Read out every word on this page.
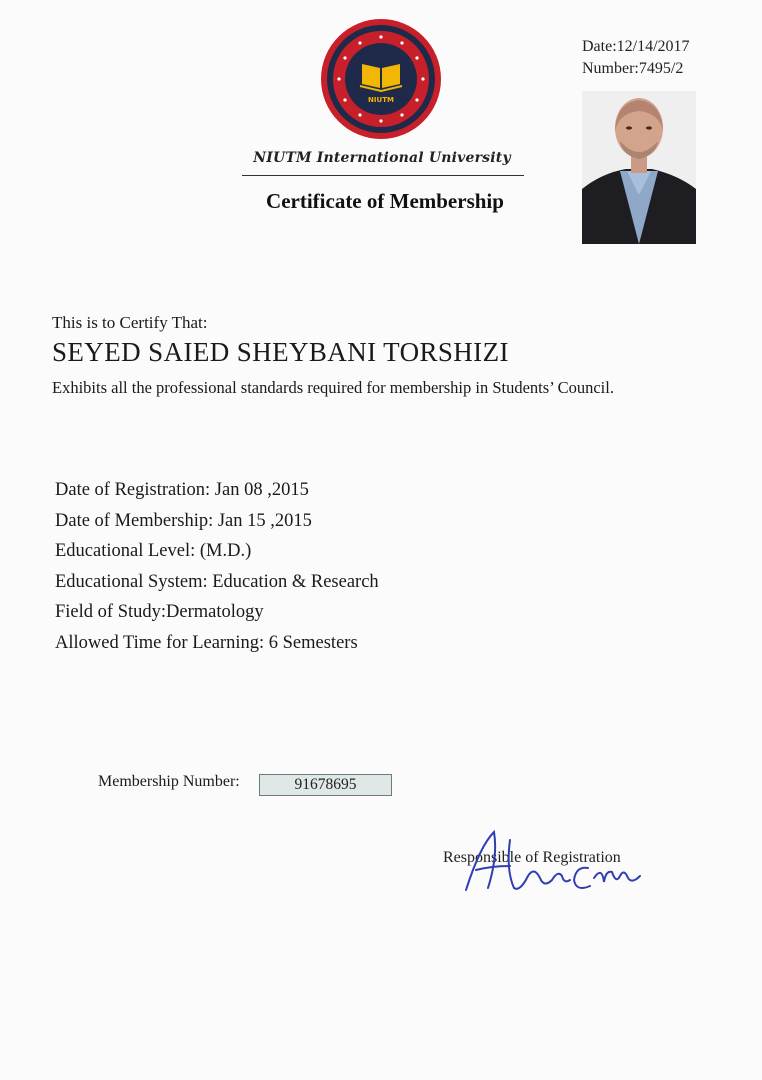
Date:12/14/2017
Number:7495/2
NIUTM
NIUTM International University
Certificate of Membership
This is to Certify That:
SEYED SAIED SHEYBANI TORSHIZI
Exhibits all the professional standards required for membership in Students’ Council.
Date of Registration: Jan 08 ,2015
Date of Membership: Jan 15 ,2015
Educational Level: (M.D.)
Educational System: Education & Research
Field of Study:Dermatology
Allowed Time for Learning: 6 Semesters
Membership Number:	91678695
Responsible of Registration
